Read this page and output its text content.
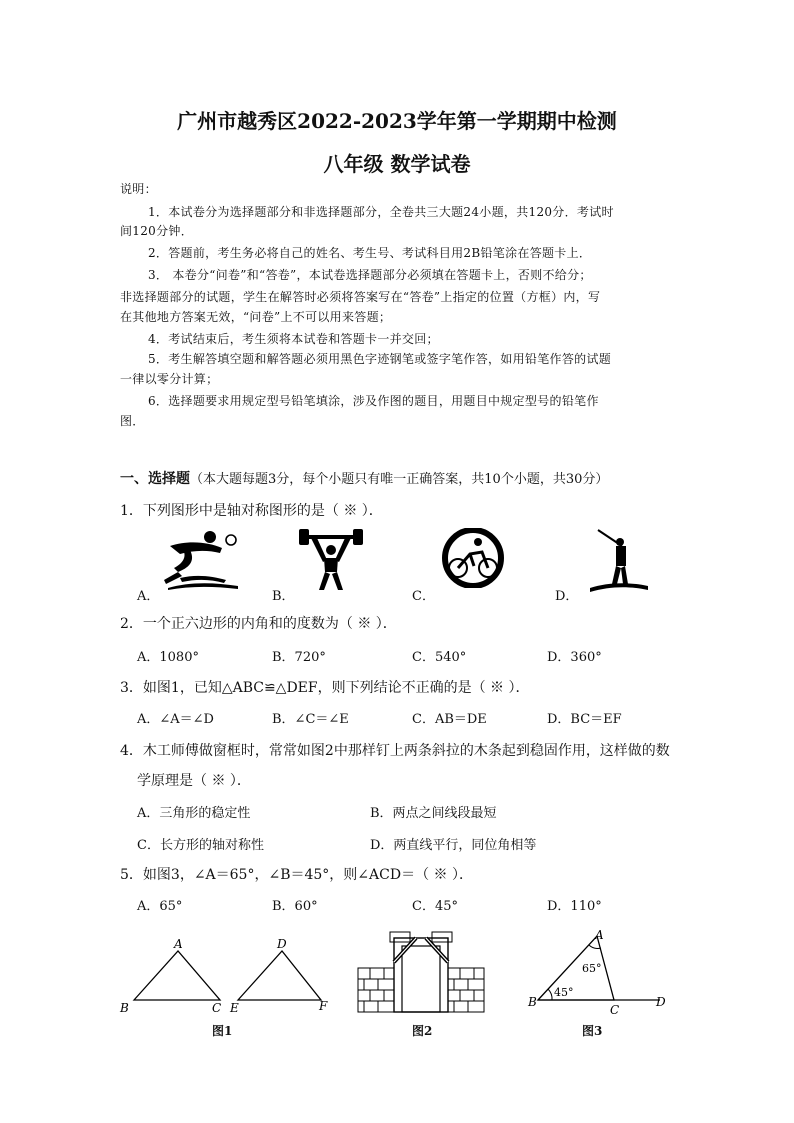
广州市越秀区2022-2023学年第一学期期中检测
八年级 数学试卷
说明：
1．本试卷分为选择题部分和非选择题部分，全卷共三大题24小题，共120分．考试时
间120分钟．
2．答题前，考生务必将自己的姓名、考生号、考试科目用2B铅笔涂在答题卡上．
3． 本卷分“问卷”和“答卷”，本试卷选择题部分必须填在答题卡上，否则不给分；
非选择题部分的试题，学生在解答时必须将答案写在“答卷”上指定的位置（方框）内，写
在其他地方答案无效，“问卷”上不可以用来答题；
4．考试结束后，考生须将本试卷和答题卡一并交回；
5．考生解答填空题和解答题必须用黑色字迹钢笔或签字笔作答，如用铅笔作答的试题
一律以零分计算；
6．选择题要求用规定型号铅笔填涂，涉及作图的题目，用题目中规定型号的铅笔作
图．
一、选择题（本大题每题3分，每个小题只有唯一正确答案，共10个小题，共30分）
1．下列图形中是轴对称图形的是（ ※ ）．
A．	B．	C．	D．
2．一个正六边形的内角和的度数为（ ※ ）．
A．1080°	B．720°	C．540°	D．360°
3．如图1，已知△ABC≌△DEF，则下列结论不正确的是（ ※ ）．
A．∠A＝∠D	B．∠C＝∠E	C．AB＝DE	D．BC＝EF
4．木工师傅做窗框时，常常如图2中那样钉上两条斜拉的木条起到稳固作用，这样做的数
学原理是（ ※ ）．
A．三角形的稳定性	B．两点之间线段最短
C．长方形的轴对称性	D．两直线平行，同位角相等
5．如图3，∠A＝65°，∠B＝45°，则∠ACD＝（ ※ ）．
A．65°	B．60°	C．45°	D．110°
A
B	C
D
E	F
图1	图2
A
B
C
D
65°
45°
图3
